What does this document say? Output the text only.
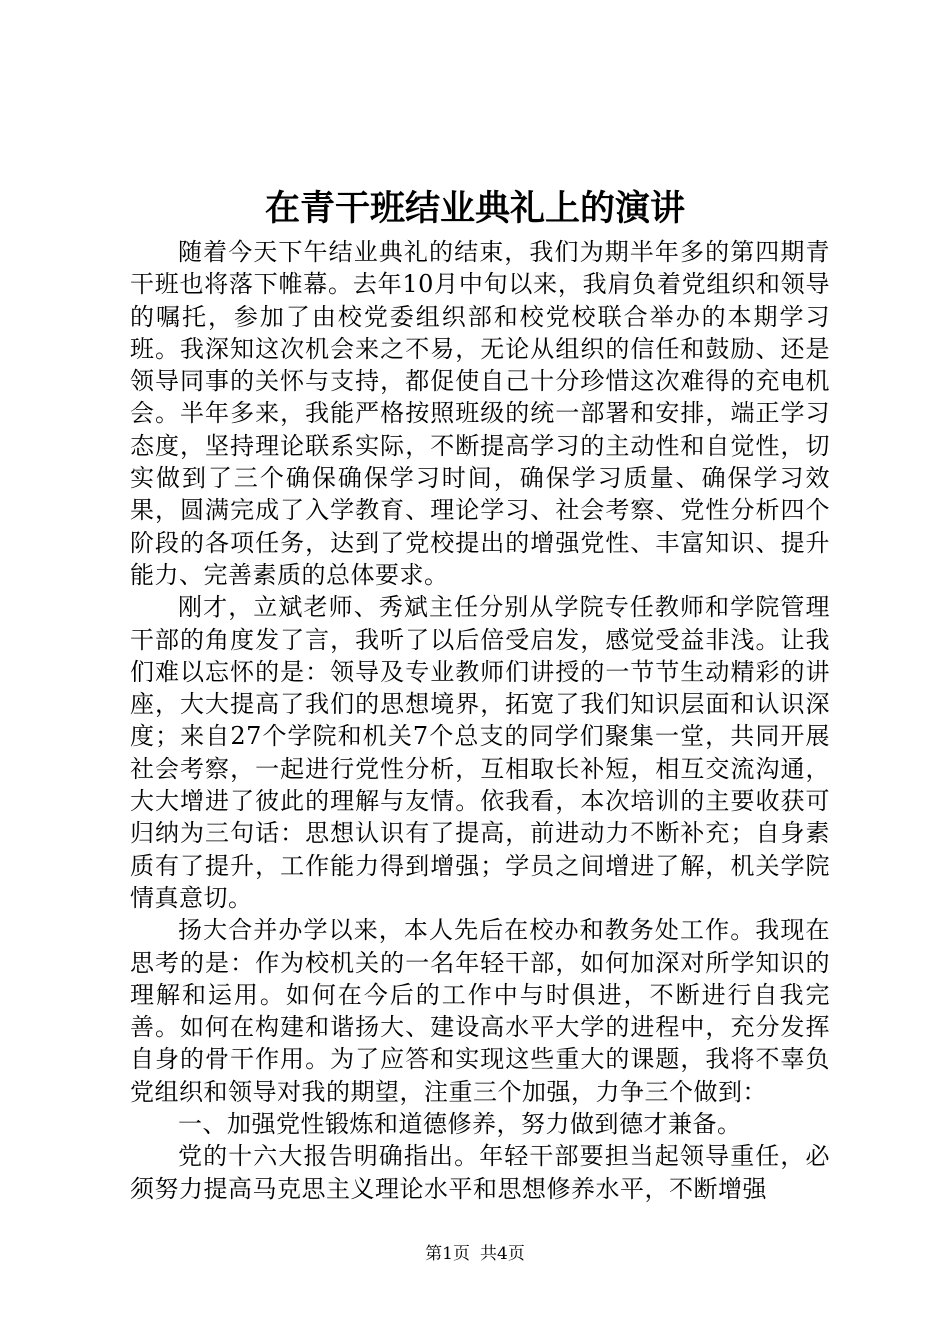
在青干班结业典礼上的演讲

随着今天下午结业典礼的结束，我们为期半年多的第四期青干班也将落下帷幕。去年10月中旬以来，我肩负着党组织和领导的嘱托，参加了由校党委组织部和校党校联合举办的本期学习班。我深知这次机会来之不易，无论从组织的信任和鼓励、还是领导同事的关怀与支持，都促使自己十分珍惜这次难得的充电机会。半年多来，我能严格按照班级的统一部署和安排，端正学习态度，坚持理论联系实际，不断提高学习的主动性和自觉性，切实做到了三个确保确保学习时间，确保学习质量、确保学习效果，圆满完成了入学教育、理论学习、社会考察、党性分析四个阶段的各项任务，达到了党校提出的增强党性、丰富知识、提升能力、完善素质的总体要求。

刚才，立斌老师、秀斌主任分别从学院专任教师和学院管理干部的角度发了言，我听了以后倍受启发，感觉受益非浅。让我们难以忘怀的是：领导及专业教师们讲授的一节节生动精彩的讲座，大大提高了我们的思想境界，拓宽了我们知识层面和认识深度；来自27个学院和机关7个总支的同学们聚集一堂，共同开展社会考察，一起进行党性分析，互相取长补短，相互交流沟通，大大增进了彼此的理解与友情。依我看，本次培训的主要收获可归纳为三句话：思想认识有了提高，前进动力不断补充；自身素质有了提升，工作能力得到增强；学员之间增进了解，机关学院情真意切。

扬大合并办学以来，本人先后在校办和教务处工作。我现在思考的是：作为校机关的一名年轻干部，如何加深对所学知识的理解和运用。如何在今后的工作中与时俱进，不断进行自我完善。如何在构建和谐扬大、建设高水平大学的进程中，充分发挥自身的骨干作用。为了应答和实现这些重大的课题，我将不辜负党组织和领导对我的期望，注重三个加强，力争三个做到：

一、加强党性锻炼和道德修养，努力做到德才兼备。

党的十六大报告明确指出。年轻干部要担当起领导重任，必须努力提高马克思主义理论水平和思想修养水平，不断增强

第1页 共4页
